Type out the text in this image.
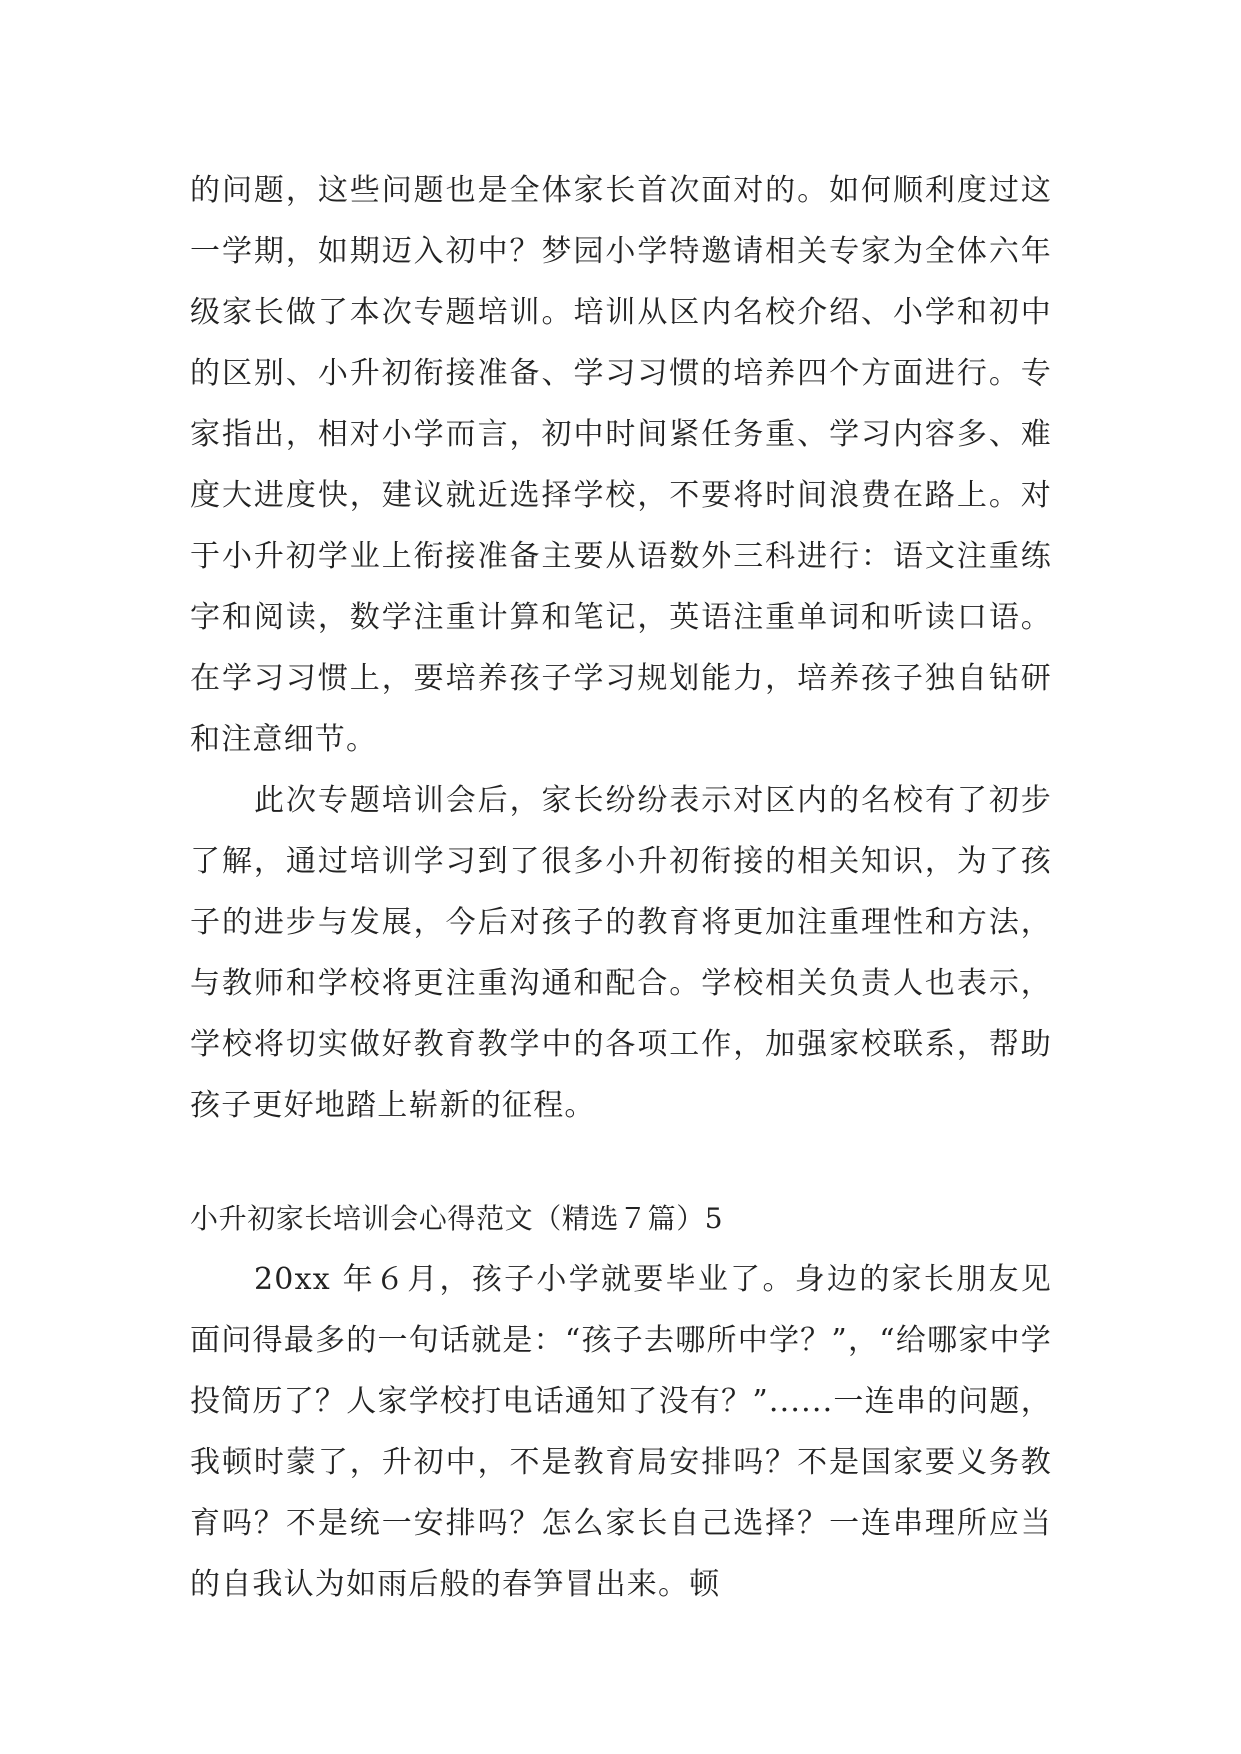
的问题，这些问题也是全体家长首次面对的。如何顺利度过这一学期，如期迈入初中？梦园小学特邀请相关专家为全体六年级家长做了本次专题培训。培训从区内名校介绍、小学和初中的区别、小升初衔接准备、学习习惯的培养四个方面进行。专家指出，相对小学而言，初中时间紧任务重、学习内容多、难度大进度快，建议就近选择学校，不要将时间浪费在路上。对于小升初学业上衔接准备主要从语数外三科进行：语文注重练字和阅读，数学注重计算和笔记，英语注重单词和听读口语。在学习习惯上，要培养孩子学习规划能力，培养孩子独自钻研和注意细节。

此次专题培训会后，家长纷纷表示对区内的名校有了初步了解，通过培训学习到了很多小升初衔接的相关知识，为了孩子的进步与发展，今后对孩子的教育将更加注重理性和方法，与教师和学校将更注重沟通和配合。学校相关负责人也表示，学校将切实做好教育教学中的各项工作，加强家校联系，帮助孩子更好地踏上崭新的征程。

小升初家长培训会心得范文（精选７篇）5

20xx 年６月，孩子小学就要毕业了。身边的家长朋友见面问得最多的一句话就是：“孩子去哪所中学？”，“给哪家中学投简历了？人家学校打电话通知了没有？”......一连串的问题，我顿时蒙了，升初中，不是教育局安排吗？不是国家要义务教育吗？不是统一安排吗？怎么家长自己选择？一连串理所应当的自我认为如雨后般的春笋冒出来。顿
